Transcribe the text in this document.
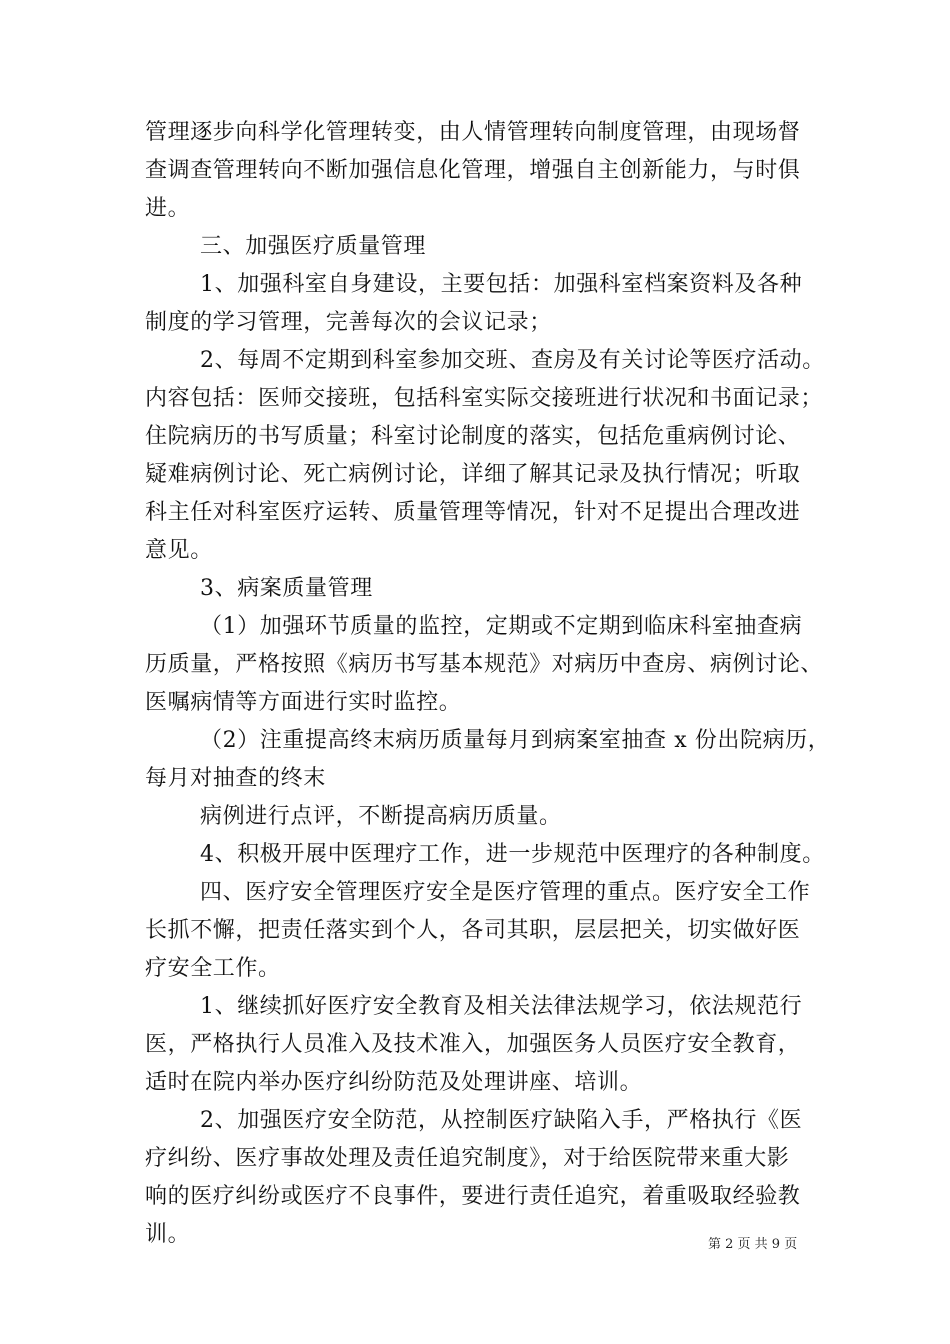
管理逐步向科学化管理转变，由人情管理转向制度管理，由现场督
查调查管理转向不断加强信息化管理，增强自主创新能力，与时俱
进。
三、加强医疗质量管理
1、加强科室自身建设，主要包括：加强科室档案资料及各种
制度的学习管理，完善每次的会议记录；
2、每周不定期到科室参加交班、查房及有关讨论等医疗活动。
内容包括：医师交接班，包括科室实际交接班进行状况和书面记录；
住院病历的书写质量；科室讨论制度的落实，包括危重病例讨论、
疑难病例讨论、死亡病例讨论，详细了解其记录及执行情况；听取
科主任对科室医疗运转、质量管理等情况，针对不足提出合理改进
意见。
3、病案质量管理
（1）加强环节质量的监控，定期或不定期到临床科室抽查病
历质量，严格按照《病历书写基本规范》对病历中查房、病例讨论、
医嘱病情等方面进行实时监控。
（2）注重提高终末病历质量每月到病案室抽查 x 份出院病历，
每月对抽查的终末
病例进行点评，不断提高病历质量。
4、积极开展中医理疗工作，进一步规范中医理疗的各种制度。
四、医疗安全管理医疗安全是医疗管理的重点。医疗安全工作
长抓不懈，把责任落实到个人，各司其职，层层把关，切实做好医
疗安全工作。
1、继续抓好医疗安全教育及相关法律法规学习，依法规范行
医，严格执行人员准入及技术准入，加强医务人员医疗安全教育，
适时在院内举办医疗纠纷防范及处理讲座、培训。
2、加强医疗安全防范，从控制医疗缺陷入手，严格执行《医
疗纠纷、医疗事故处理及责任追究制度》，对于给医院带来重大影
响的医疗纠纷或医疗不良事件，要进行责任追究，着重吸取经验教
训。	第 2 页 共 9 页
